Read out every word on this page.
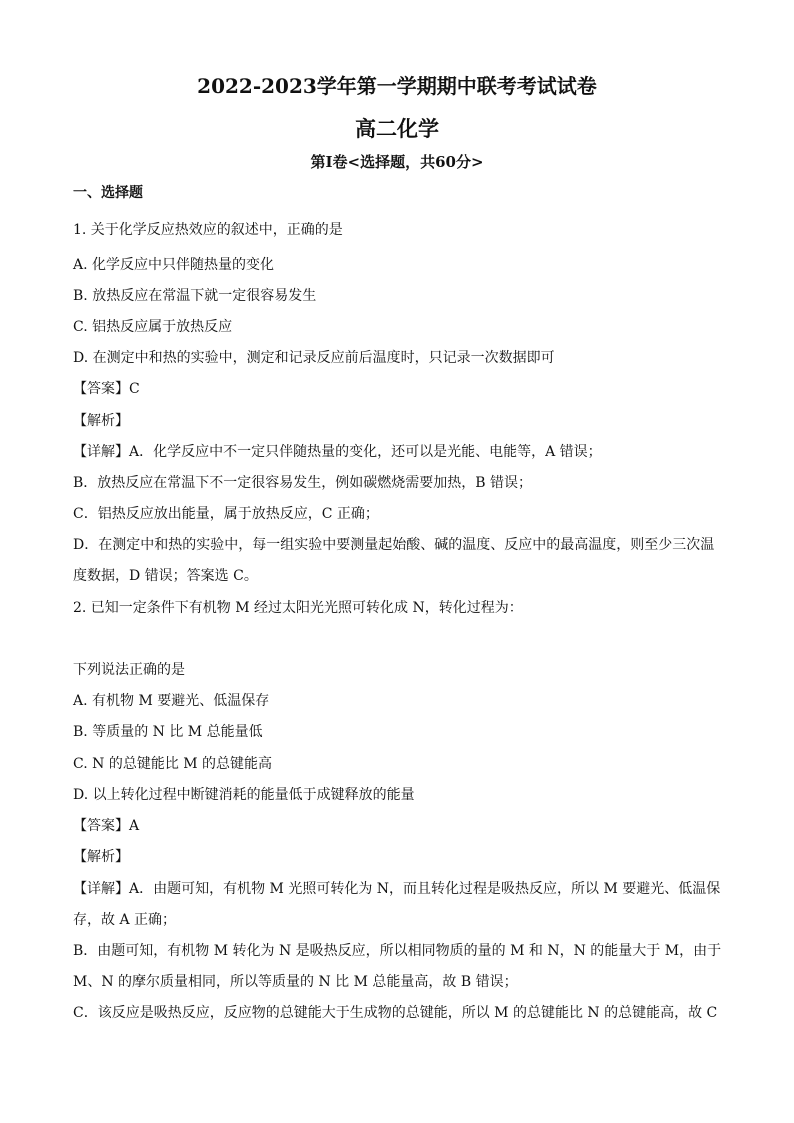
2022-2023学年第一学期期中联考考试试卷
高二化学
第Ⅰ卷<选择题，共60分>
一、选择题
1. 关于化学反应热效应的叙述中，正确的是
A. 化学反应中只伴随热量的变化
B. 放热反应在常温下就一定很容易发生
C. 铝热反应属于放热反应
D. 在测定中和热的实验中，测定和记录反应前后温度时，只记录一次数据即可
【答案】C
【解析】
【详解】A．化学反应中不一定只伴随热量的变化，还可以是光能、电能等，A 错误；
B．放热反应在常温下不一定很容易发生，例如碳燃烧需要加热，B 错误；
C．铝热反应放出能量，属于放热反应，C 正确；
D．在测定中和热的实验中，每一组实验中要测量起始酸、碱的温度、反应中的最高温度，则至少三次温
度数据，D 错误；答案选 C。
2. 已知一定条件下有机物 M 经过太阳光光照可转化成 N，转化过程为：
下列说法正确的是
A. 有机物 M 要避光、低温保存
B. 等质量的 N 比 M 总能量低
C. N 的总键能比 M 的总键能高
D. 以上转化过程中断键消耗的能量低于成键释放的能量
【答案】A
【解析】
【详解】A．由题可知，有机物 M 光照可转化为 N，而且转化过程是吸热反应，所以 M 要避光、低温保
存，故 A 正确；
B．由题可知，有机物 M 转化为 N 是吸热反应，所以相同物质的量的 M 和 N，N 的能量大于 M，由于
M、N 的摩尔质量相同，所以等质量的 N 比 M 总能量高，故 B 错误；
C．该反应是吸热反应，反应物的总键能大于生成物的总键能，所以 M 的总键能比 N 的总键能高，故 C
